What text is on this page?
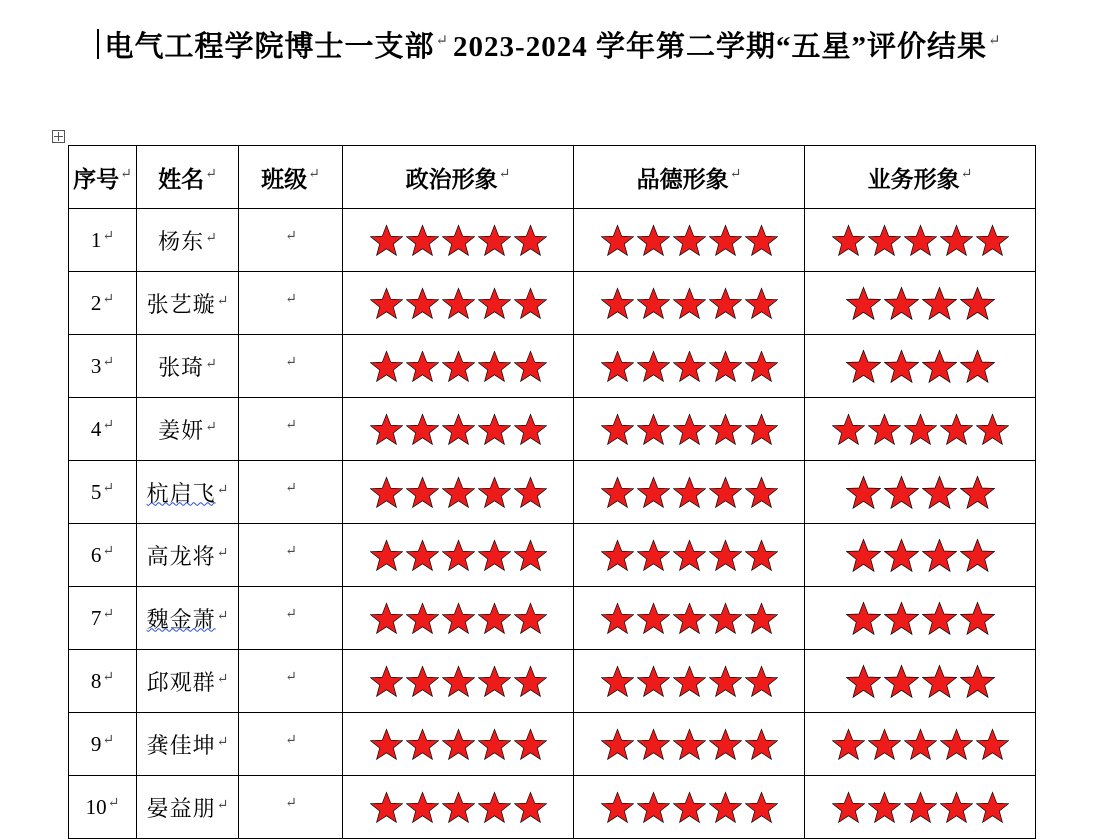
电气工程学院博士一支部↵ 2023-2024 学年第二学期“五星”评价结果↵
序号↵	姓名↵	班级↵	政治形象↵	品德形象↵	业务形象↵
1↵	杨东↵	↵	

2↵	张艺璇↵	↵	

3↵	张琦↵	↵	

4↵	姜妍↵	↵	

5↵	杭启飞↵	↵	

6↵	高龙将↵	↵	

7↵	魏金萧↵	↵	

8↵	邱观群↵	↵	

9↵	龚佳坤↵	↵	

10↵	晏益朋↵	↵	
